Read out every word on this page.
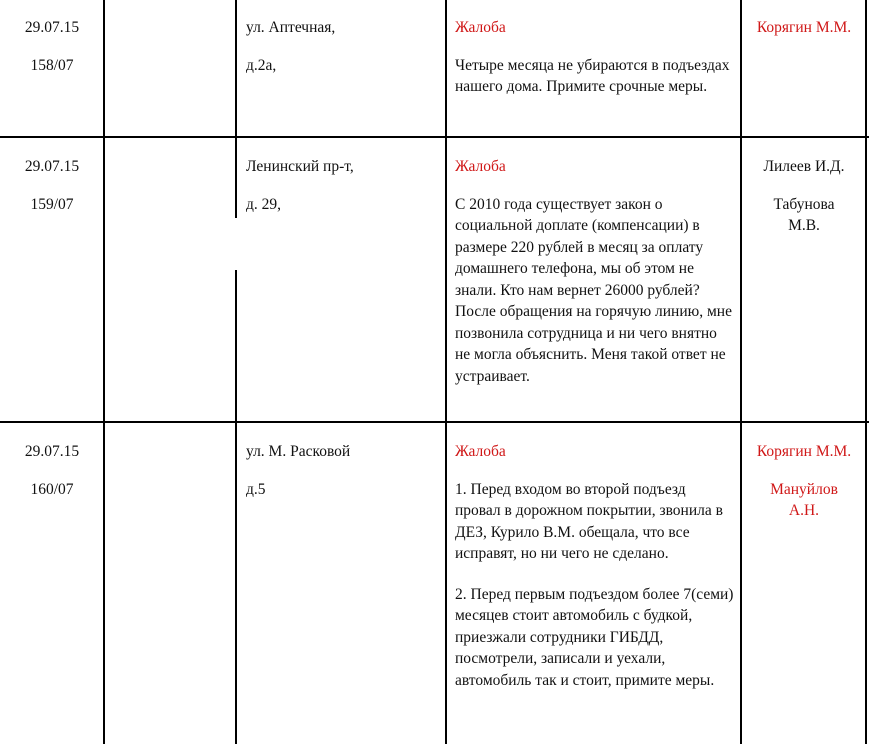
29.07.15
158/07
ул. Аптечная,
д.2а,
Жалоба
Четыре месяца не убираются в подъездах нашего дома. Примите срочные меры.
Корягин М.М.
29.07.15
159/07
Ленинский пр-т,
д. 29,
Жалоба
С 2010 года существует закон о социальной доплате (компенсации) в размере 220 рублей в месяц за оплату домашнего телефона, мы об этом не знали. Кто нам вернет 26000 рублей? После обращения на горячую линию, мне позвонила сотрудница и ни чего внятно не могла объяснить. Меня такой ответ не устраивает.
Лилеев И.Д.
Табунова М.В.
29.07.15
160/07
ул. М. Расковой
д.5
Жалоба
1. Перед входом во второй подъезд провал в дорожном покрытии, звонила в ДЕЗ, Курило В.М. обещала, что все исправят, но ни чего не сделано.
2. Перед первым подъездом более 7(семи) месяцев стоит автомобиль с будкой, приезжали сотрудники ГИБДД, посмотрели, записали и уехали, автомобиль так и стоит, примите меры.
Корягин М.М.
Мануйлов А.Н.
